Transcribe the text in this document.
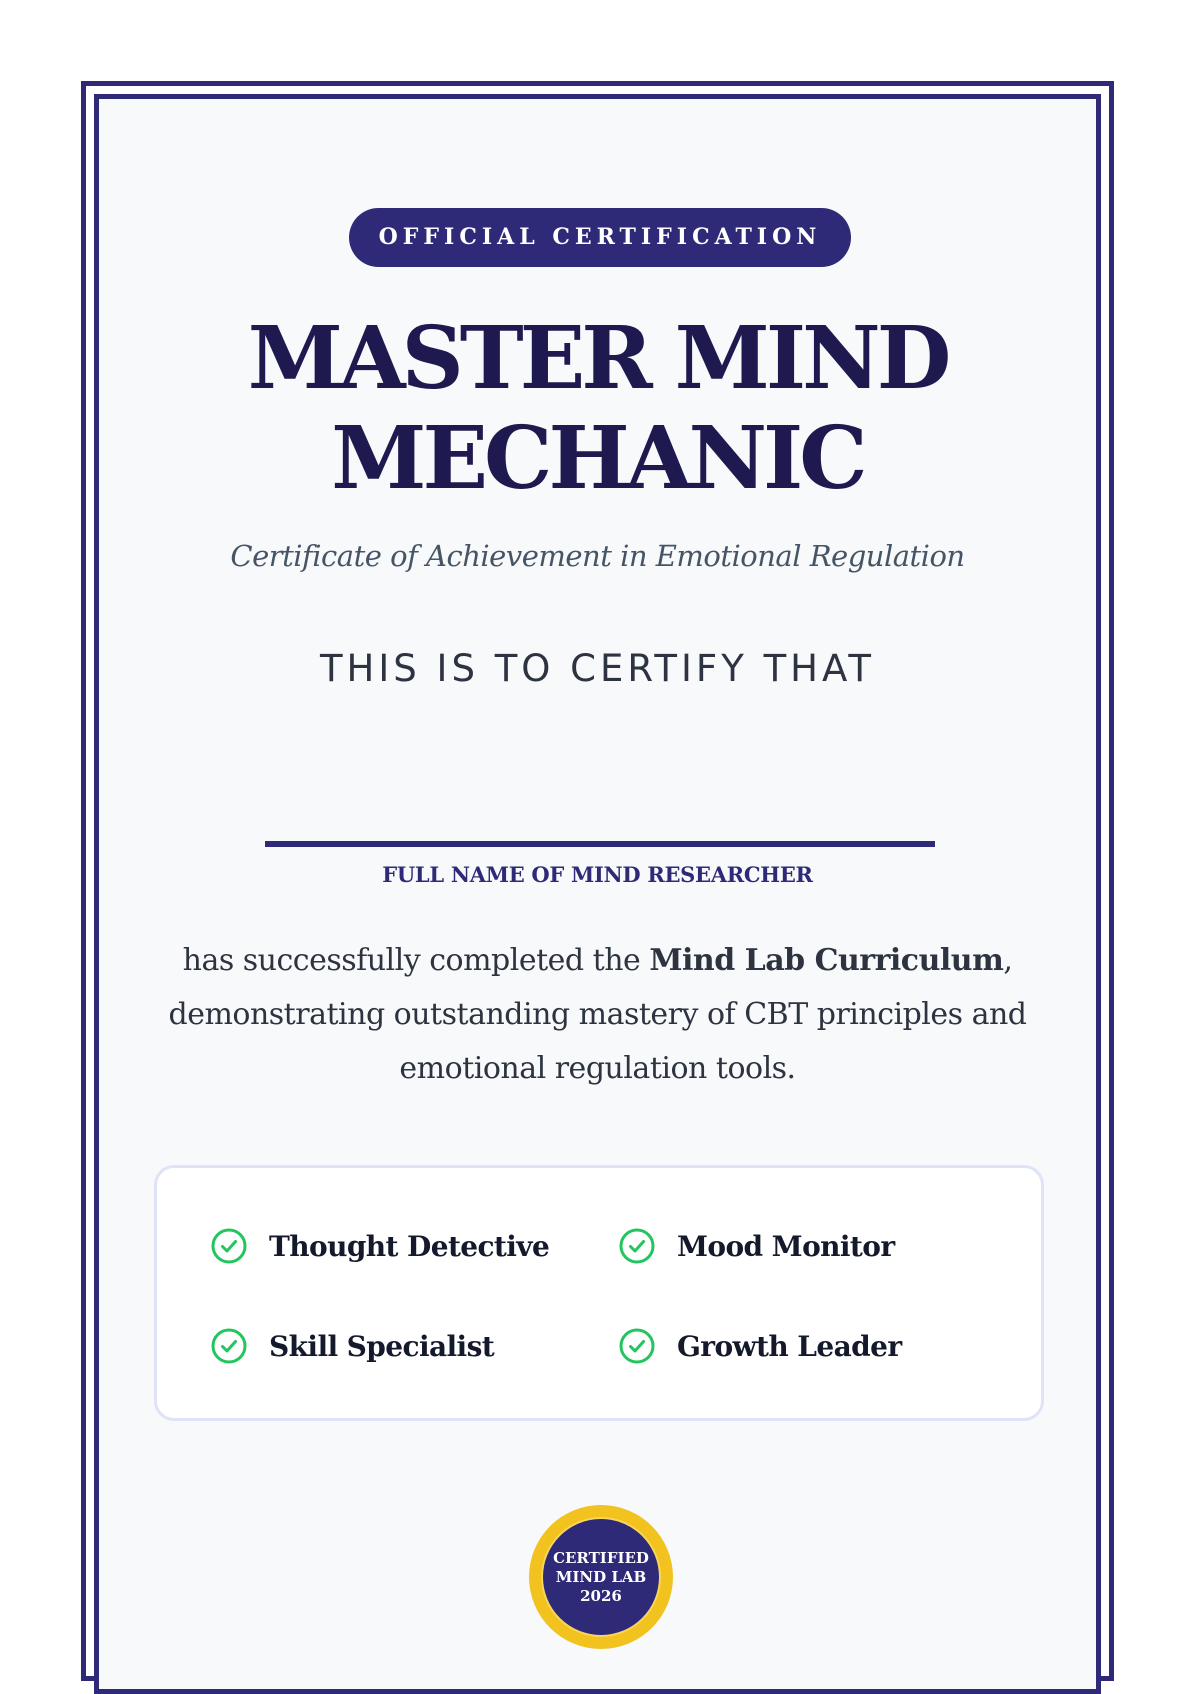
OFFICIAL CERTIFICATION
MASTER MIND
MECHANIC
Certificate of Achievement in Emotional Regulation
THIS IS TO CERTIFY THAT
FULL NAME OF MIND RESEARCHER
has successfully completed the Mind Lab Curriculum, demonstrating outstanding mastery of CBT principles and emotional regulation tools.
Thought Detective	Mood Monitor
Skill Specialist	Growth Leader
CERTIFIED
MIND LAB
2026
